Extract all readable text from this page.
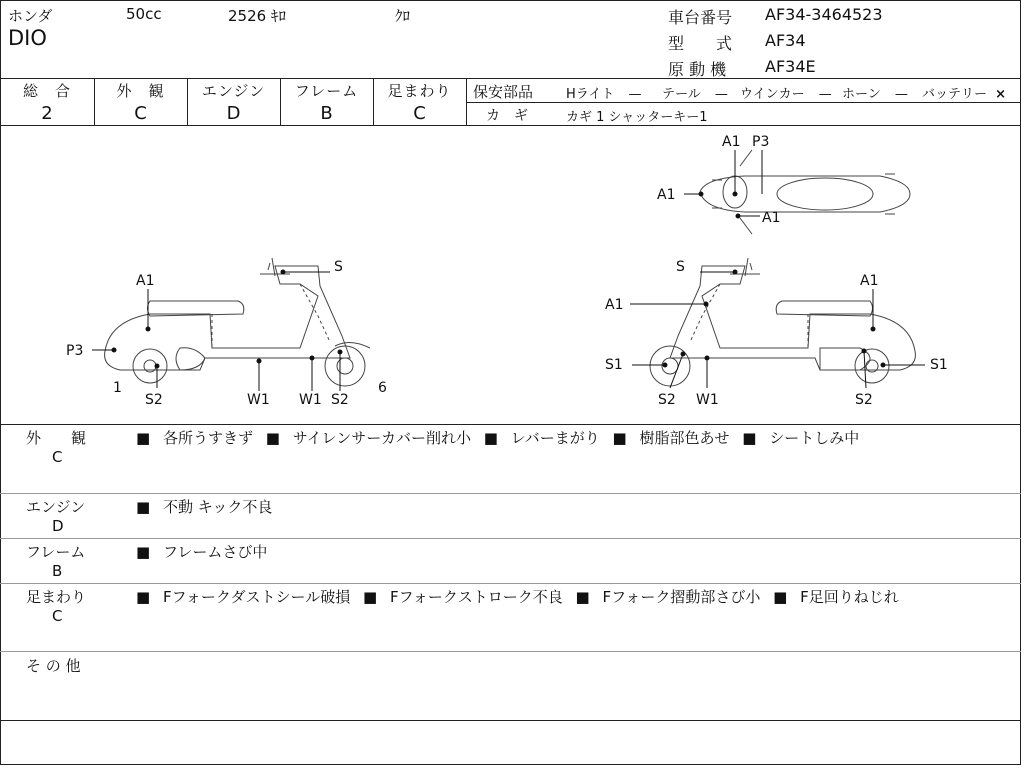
ホンダ	50cc	2526 ｷﾛ	ｸﾛ
DIO
車台番号 AF34-3464523
型　　式 AF34
原 動 機 AF34E
総　合
2
外　観
C
エンジン
D
フレーム
B
足まわり
C
保安部品	Hライト — テール — ウインカー — ホーン — バッテリー ×
カ　ギ	カギ 1 シャッターキー1
A1
S
P3
1
S2	W1 W1 S2
6
S
A1
A1
S1	S1
S2 W1	S2
A1 P3
A1
A1
外　　観
C
■ 各所うすきず ■ サイレンサーカバー削れ小 ■ レバーまがり ■ 樹脂部色あせ ■ シートしみ中
エンジン
D
■ 不動 キック不良
フレーム
B
■ フレームさび中
足まわり
C
■ Fフォークダストシール破損 ■ Fフォークストローク不良 ■ Fフォーク摺動部さび小 ■ F足回りねじれ
そ の 他
